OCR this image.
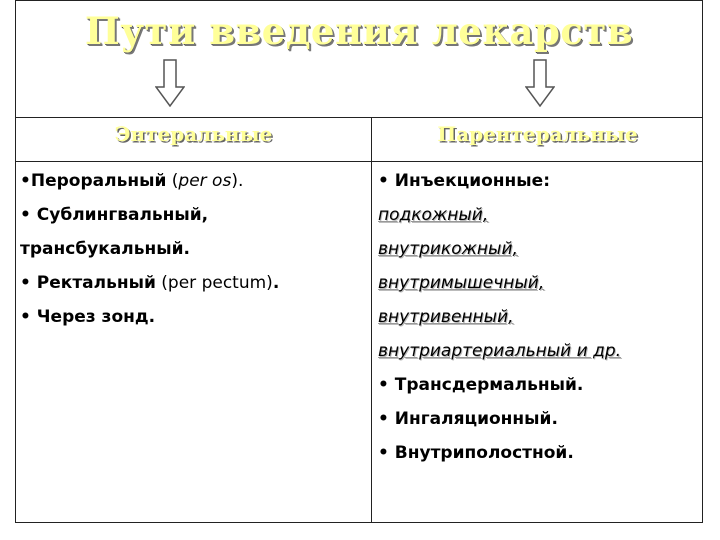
Пути введения лекарств
Энтеральные	Парентеральные
•Пероральный (per os).
• Сублингвальный,
трансбукальный.
• Ректальный (per pectum).
• Через зонд.
• Инъекционные:
подкожный,
внутрикожный,
внутримышечный,
внутривенный,
внутриартериальный и др.
• Трансдермальный.
• Ингаляционный.
• Внутриполостной.
